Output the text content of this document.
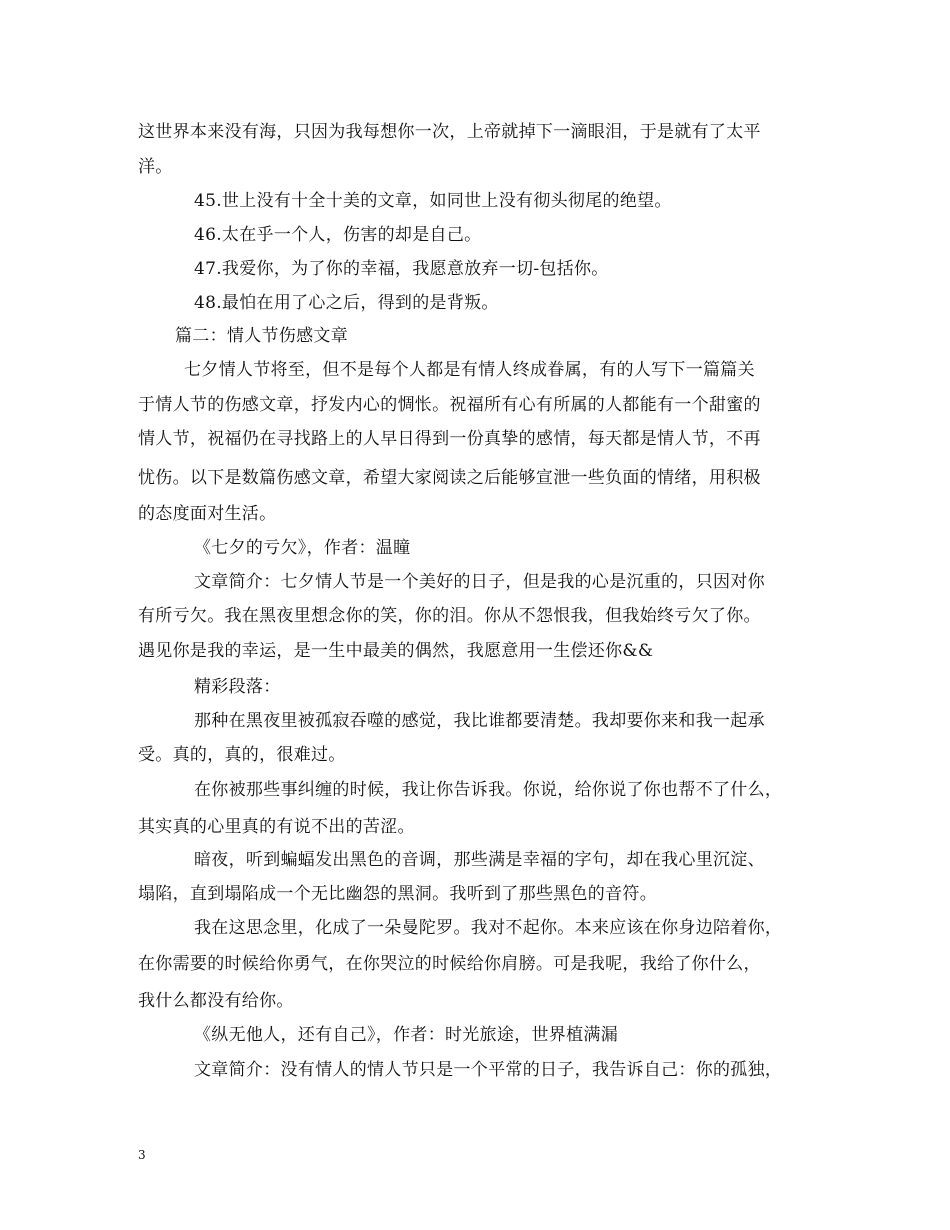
这世界本来没有海，只因为我每想你一次，上帝就掉下一滴眼泪，于是就有了太平
洋。
45.世上没有十全十美的文章，如同世上没有彻头彻尾的绝望。
46.太在乎一个人，伤害的却是自己。
47.我爱你，为了你的幸福，我愿意放弃一切-包括你。
48.最怕在用了心之后，得到的是背叛。
篇二：情人节伤感文章
七夕情人节将至，但不是每个人都是有情人终成眷属，有的人写下一篇篇关
于情人节的伤感文章，抒发内心的惆怅。祝福所有心有所属的人都能有一个甜蜜的
情人节，祝福仍在寻找路上的人早日得到一份真挚的感情，每天都是情人节，不再
忧伤。以下是数篇伤感文章，希望大家阅读之后能够宣泄一些负面的情绪，用积极
的态度面对生活。
《七夕的亏欠》，作者：温瞳
文章简介：七夕情人节是一个美好的日子，但是我的心是沉重的，只因对你
有所亏欠。我在黑夜里想念你的笑，你的泪。你从不怨恨我，但我始终亏欠了你。
遇见你是我的幸运，是一生中最美的偶然，我愿意用一生偿还你&&
精彩段落：
那种在黑夜里被孤寂吞噬的感觉，我比谁都要清楚。我却要你来和我一起承
受。真的，真的，很难过。
在你被那些事纠缠的时候，我让你告诉我。你说，给你说了你也帮不了什么，
其实真的心里真的有说不出的苦涩。
暗夜，听到蝙蝠发出黑色的音调，那些满是幸福的字句，却在我心里沉淀、
塌陷，直到塌陷成一个无比幽怨的黑洞。我听到了那些黑色的音符。
我在这思念里，化成了一朵曼陀罗。我对不起你。本来应该在你身边陪着你，
在你需要的时候给你勇气，在你哭泣的时候给你肩膀。可是我呢，我给了你什么，
我什么都没有给你。
《纵无他人，还有自己》，作者：时光旅途，世界植满漏
文章简介：没有情人的情人节只是一个平常的日子，我告诉自己：你的孤独，
3
